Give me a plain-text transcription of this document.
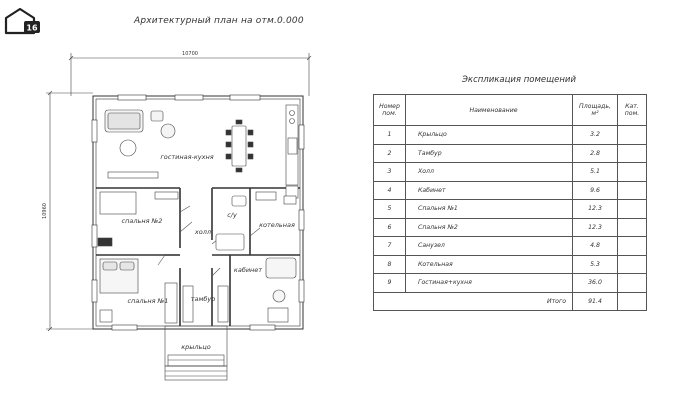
16
Архитектурный план на отм.0.000
10700
10960
гостиная-кухня
спальня №2
холл
с/у
котельная
кабинет
спальня №1	тамбур
крыльцо
Экспликация помещений
Номер пом.	Наименование	Площадь, м²	Кат. пом.
1	Крыльцо	3.2	
2	Тамбур	2.8	
3	Холл	5.1	
4	Кабинет	9.6	
5	Спальня №1	12.3	
6	Спальня №2	12.3	
7	Санузел	4.8	
8	Котельная	5.3	
9	Гостиная+кухня	36.0	
Итого		91.4	
